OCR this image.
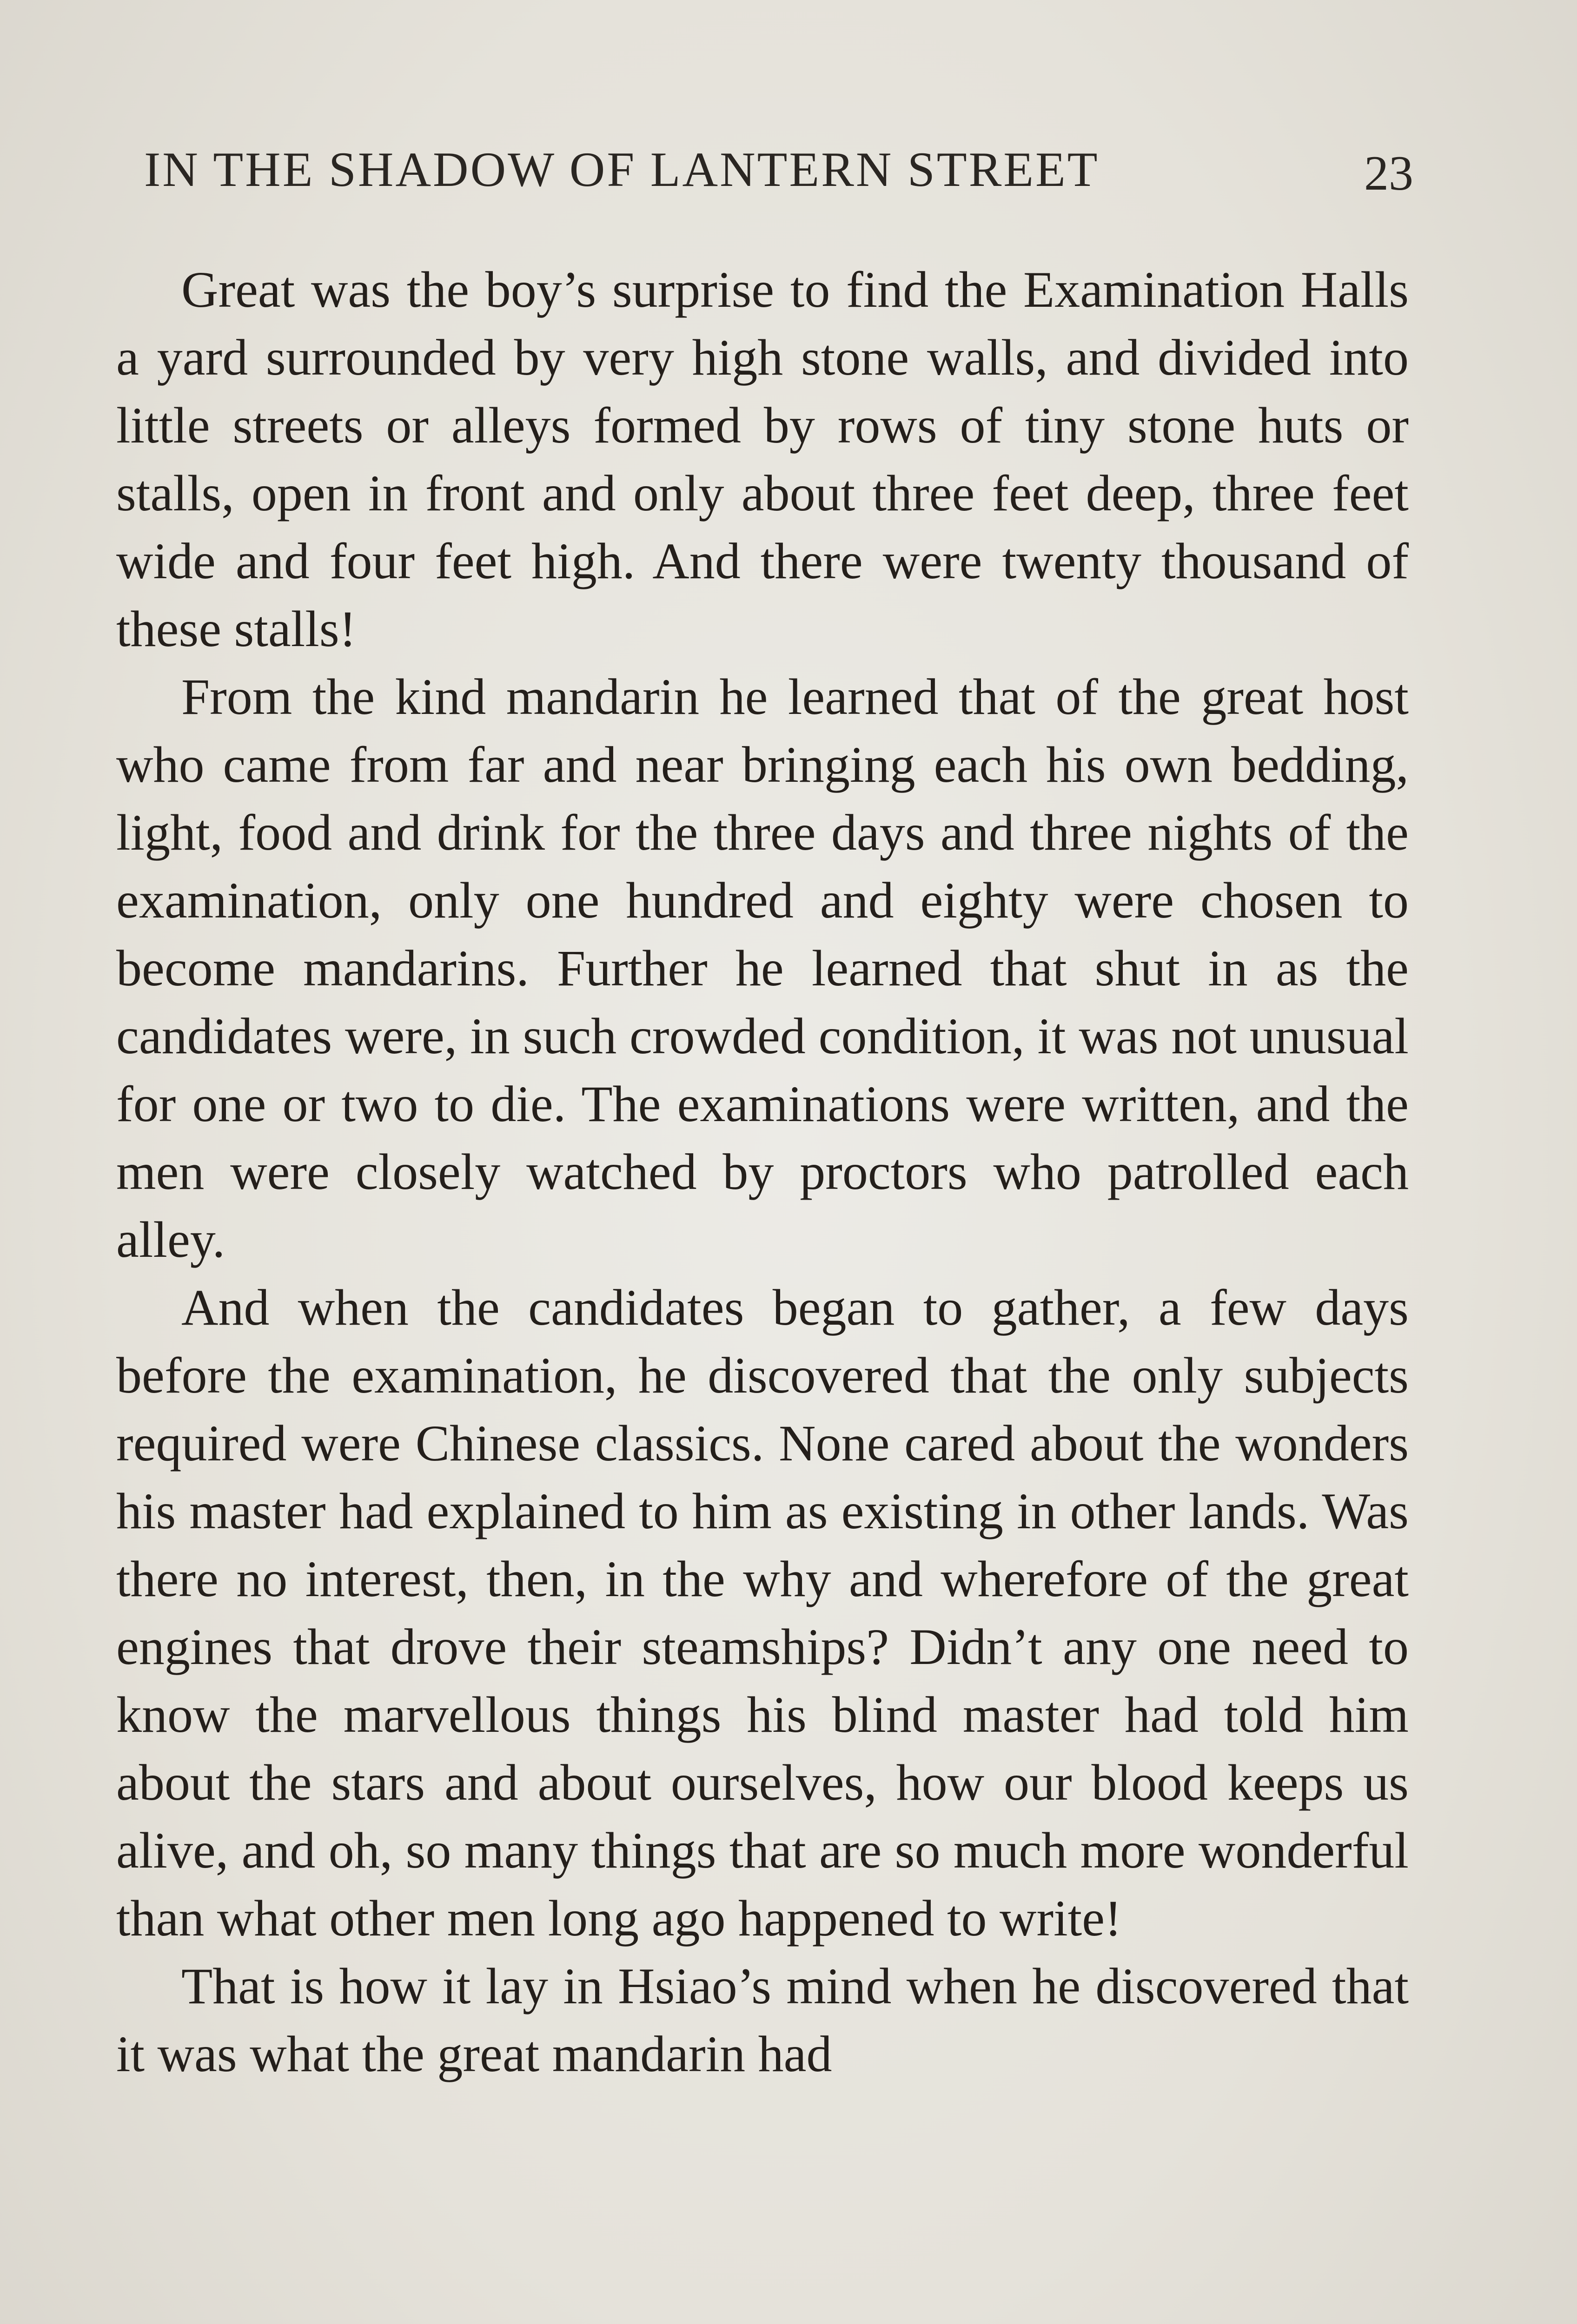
IN THE SHADOW OF LANTERN STREET	23

Great was the boy’s surprise to find the Examination Halls a yard surrounded by very high stone walls, and divided into little streets or alleys formed by rows of tiny stone huts or stalls, open in front and only about three feet deep, three feet wide and four feet high. And there were twenty thousand of these stalls!

From the kind mandarin he learned that of the great host who came from far and near bringing each his own bedding, light, food and drink for the three days and three nights of the examination, only one hundred and eighty were chosen to become mandarins. Further he learned that shut in as the candidates were, in such crowded condition, it was not unusual for one or two to die. The examinations were written, and the men were closely watched by proctors who patrolled each alley.

And when the candidates began to gather, a few days before the examination, he discovered that the only subjects required were Chinese classics. None cared about the wonders his master had explained to him as existing in other lands. Was there no interest, then, in the why and wherefore of the great engines that drove their steamships? Didn’t any one need to know the marvellous things his blind master had told him about the stars and about ourselves, how our blood keeps us alive, and oh, so many things that are so much more wonderful than what other men long ago happened to write!

That is how it lay in Hsiao’s mind when he discovered that it was what the great mandarin had
